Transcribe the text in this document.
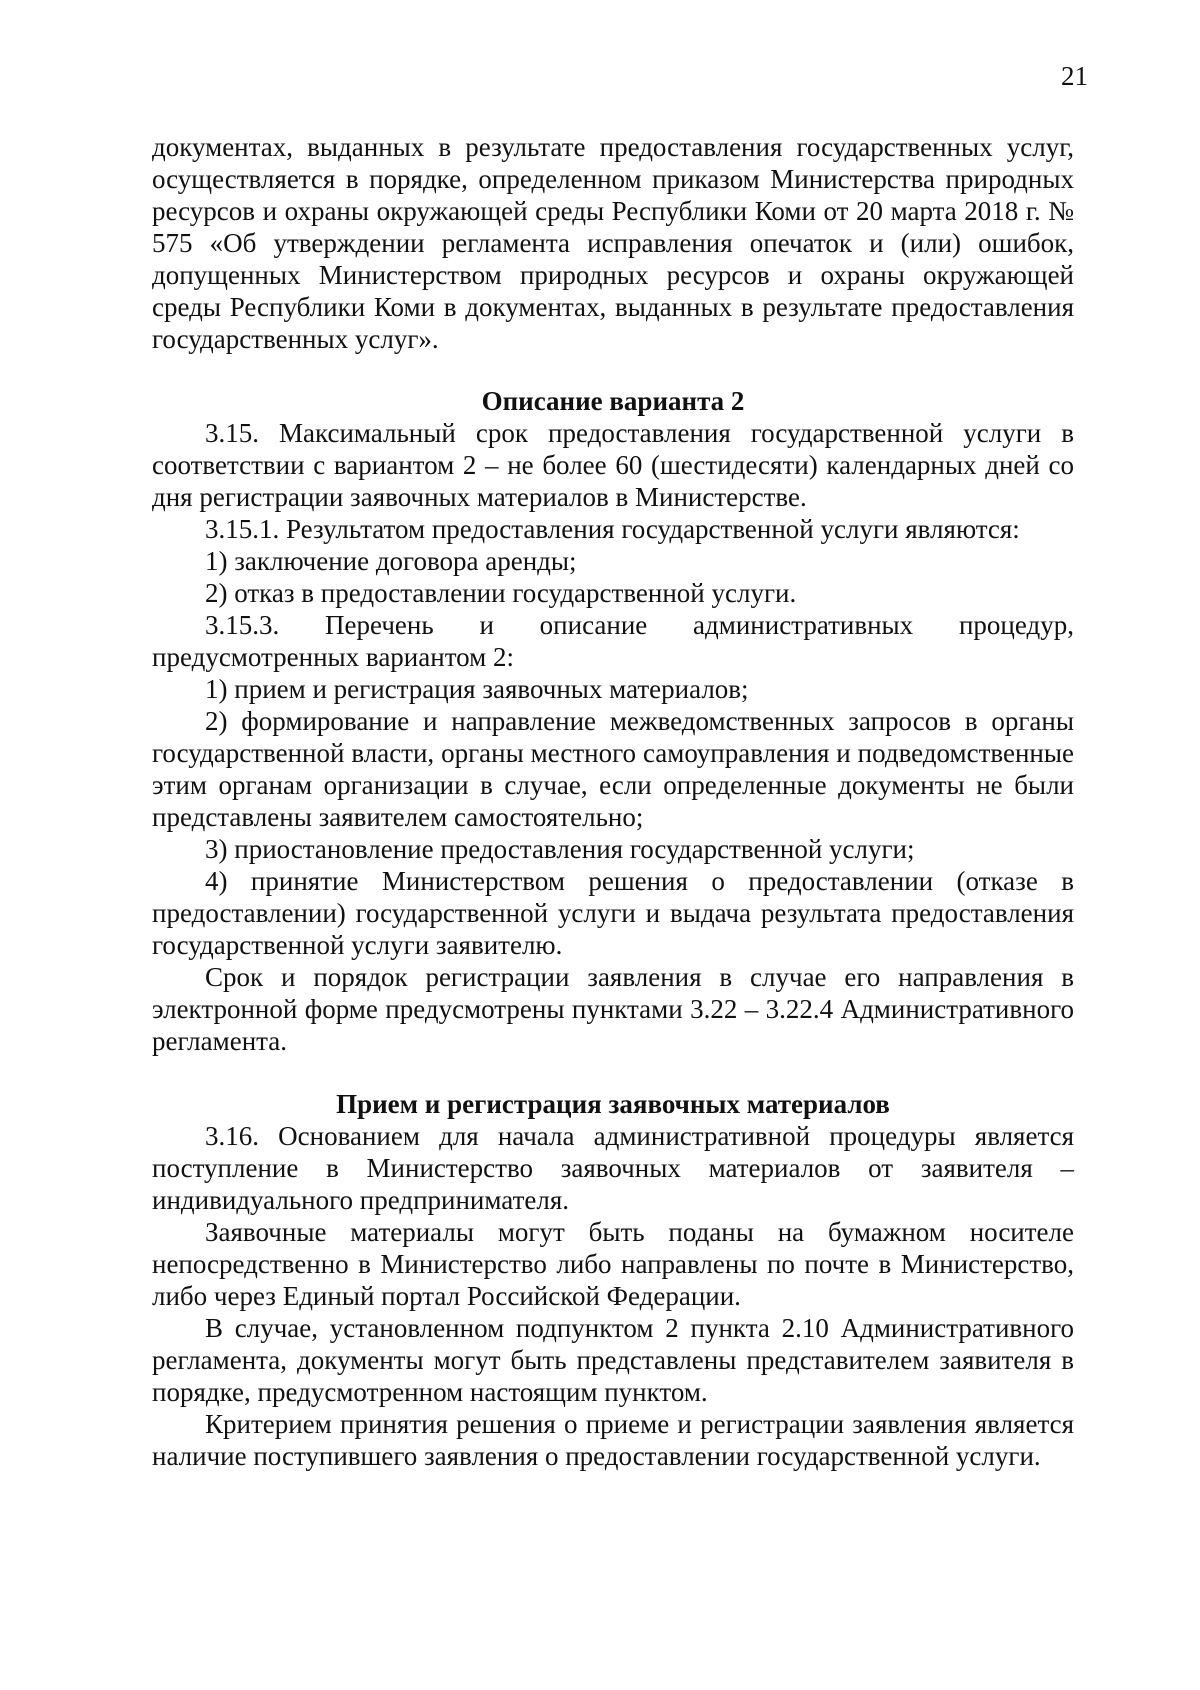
21

документах, выданных в результате предоставления государственных услуг, осуществляется в порядке, определенном приказом Министерства природных ресурсов и охраны окружающей среды Республики Коми от 20 марта 2018 г. № 575 «Об утверждении регламента исправления опечаток и (или) ошибок, допущенных Министерством природных ресурсов и охраны окружающей среды Республики Коми в документах, выданных в результате предоставления государственных услуг».

Описание варианта 2

3.15. Максимальный срок предоставления государственной услуги в соответствии с вариантом 2 – не более 60 (шестидесяти) календарных дней со дня регистрации заявочных материалов в Министерстве.

3.15.1. Результатом предоставления государственной услуги являются:

1) заключение договора аренды;

2) отказ в предоставлении государственной услуги.

3.15.3. Перечень и описание административных процедур, предусмотренных вариантом 2:

1) прием и регистрация заявочных материалов;

2) формирование и направление межведомственных запросов в органы государственной власти, органы местного самоуправления и подведомственные этим органам организации в случае, если определенные документы не были представлены заявителем самостоятельно;

3) приостановление предоставления государственной услуги;

4) принятие Министерством решения о предоставлении (отказе в предоставлении) государственной услуги и выдача результата предоставления государственной услуги заявителю.

Срок и порядок регистрации заявления в случае его направления в электронной форме предусмотрены пунктами 3.22 – 3.22.4 Административного регламента.

Прием и регистрация заявочных материалов

3.16. Основанием для начала административной процедуры является поступление в Министерство заявочных материалов от заявителя – индивидуального предпринимателя.

Заявочные материалы могут быть поданы на бумажном носителе непосредственно в Министерство либо направлены по почте в Министерство, либо через Единый портал Российской Федерации.

В случае, установленном подпунктом 2 пункта 2.10 Административного регламента, документы могут быть представлены представителем заявителя в порядке, предусмотренном настоящим пунктом.

Критерием принятия решения о приеме и регистрации заявления является наличие поступившего заявления о предоставлении государственной услуги.
